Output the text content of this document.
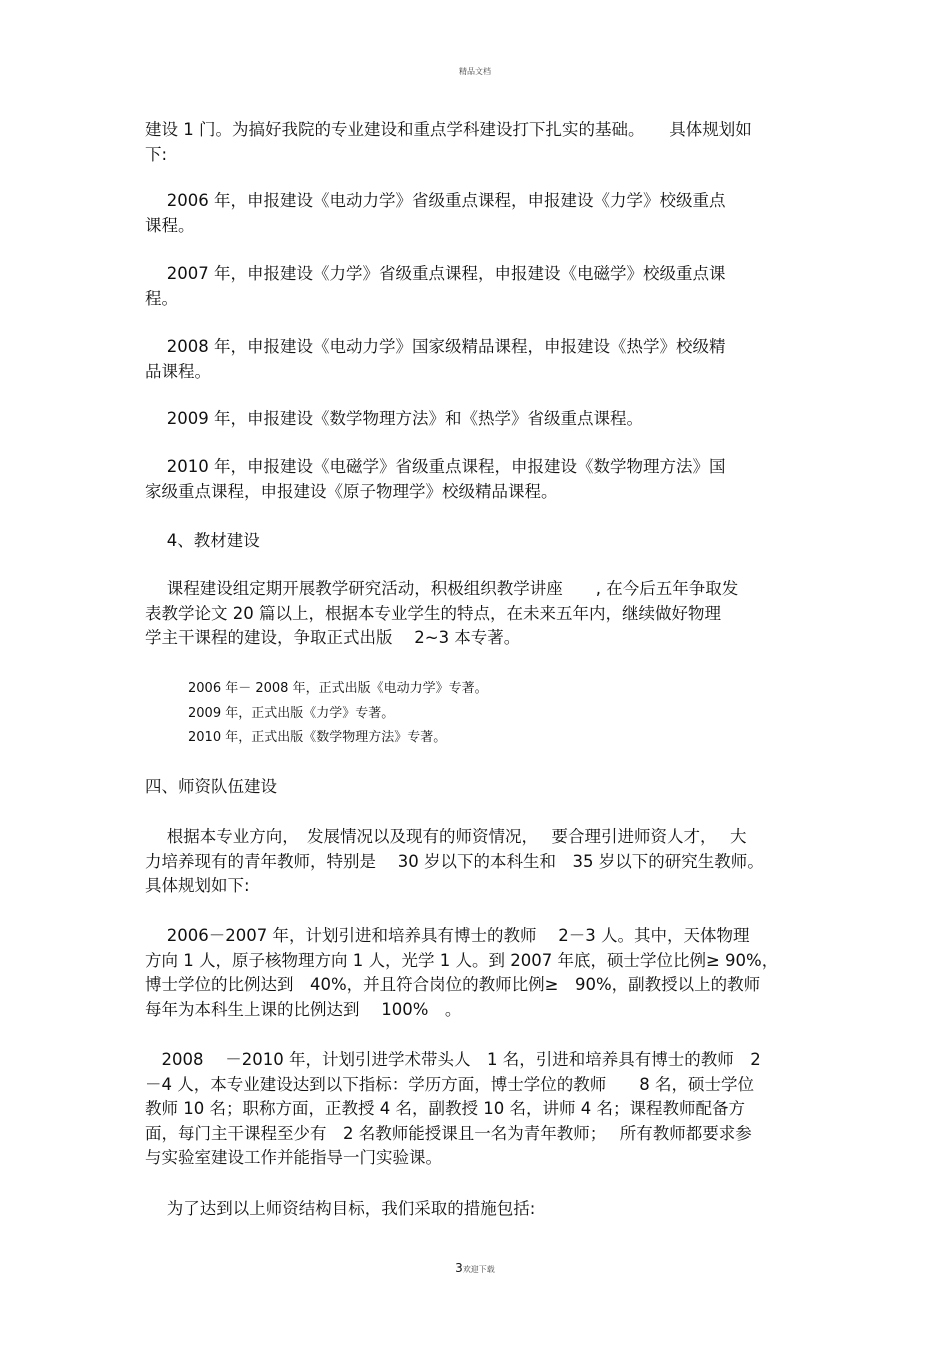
精品文档
建设 1 门。为搞好我院的专业建设和重点学科建设打下扎实的基础。　　具体规划如
下:
　 2006 年，申报建设《电动力学》省级重点课程，申报建设《力学》校级重点
课程。
　 2007 年，申报建设《力学》省级重点课程，申报建设《电磁学》校级重点课
程。
　 2008 年，申报建设《电动力学》国家级精品课程，申报建设《热学》校级精
品课程。
　 2009 年，申报建设《数学物理方法》和《热学》省级重点课程。
　 2010 年，申报建设《电磁学》省级重点课程，申报建设《数学物理方法》国
家级重点课程，申报建设《原子物理学》校级精品课程。
　 4、教材建设
　 课程建设组定期开展教学研究活动，积极组织教学讲座　　, 在今后五年争取发
表教学论文 20 篇以上，根据本专业学生的特点，在未来五年内，继续做好物理
学主干课程的建设，争取正式出版　 2~3 本专著。
2006 年－ 2008 年，正式出版《电动力学》专著。
2009 年，正式出版《力学》专著。
2010 年，正式出版《数学物理方法》专著。
四、师资队伍建设
　 根据本专业方向，　发展情况以及现有的师资情况，　 要合理引进师资人才，　 大
力培养现有的青年教师，特别是　 30 岁以下的本科生和　35 岁以下的研究生教师。
具体规划如下:
　 2006－2007 年，计划引进和培养具有博士的教师　 2－3 人。其中，天体物理
方向 1 人，原子核物理方向 1 人，光学 1 人。到 2007 年底，硕士学位比例≥ 90%，
博士学位的比例达到　40%，并且符合岗位的教师比例≥　90%，副教授以上的教师
每年为本科生上课的比例达到　 100%　。
　2008　 －2010 年，计划引进学术带头人　1 名，引进和培养具有博士的教师　2
－4 人，本专业建设达到以下指标：学历方面，博士学位的教师　　8 名，硕士学位
教师 10 名；职称方面，正教授 4 名，副教授 10 名，讲师 4 名；课程教师配备方
面，每门主干课程至少有　2 名教师能授课且一名为青年教师；　 所有教师都要求参
与实验室建设工作并能指导一门实验课。
　 为了达到以上师资结构目标，我们采取的措施包括:
3欢迎下载
